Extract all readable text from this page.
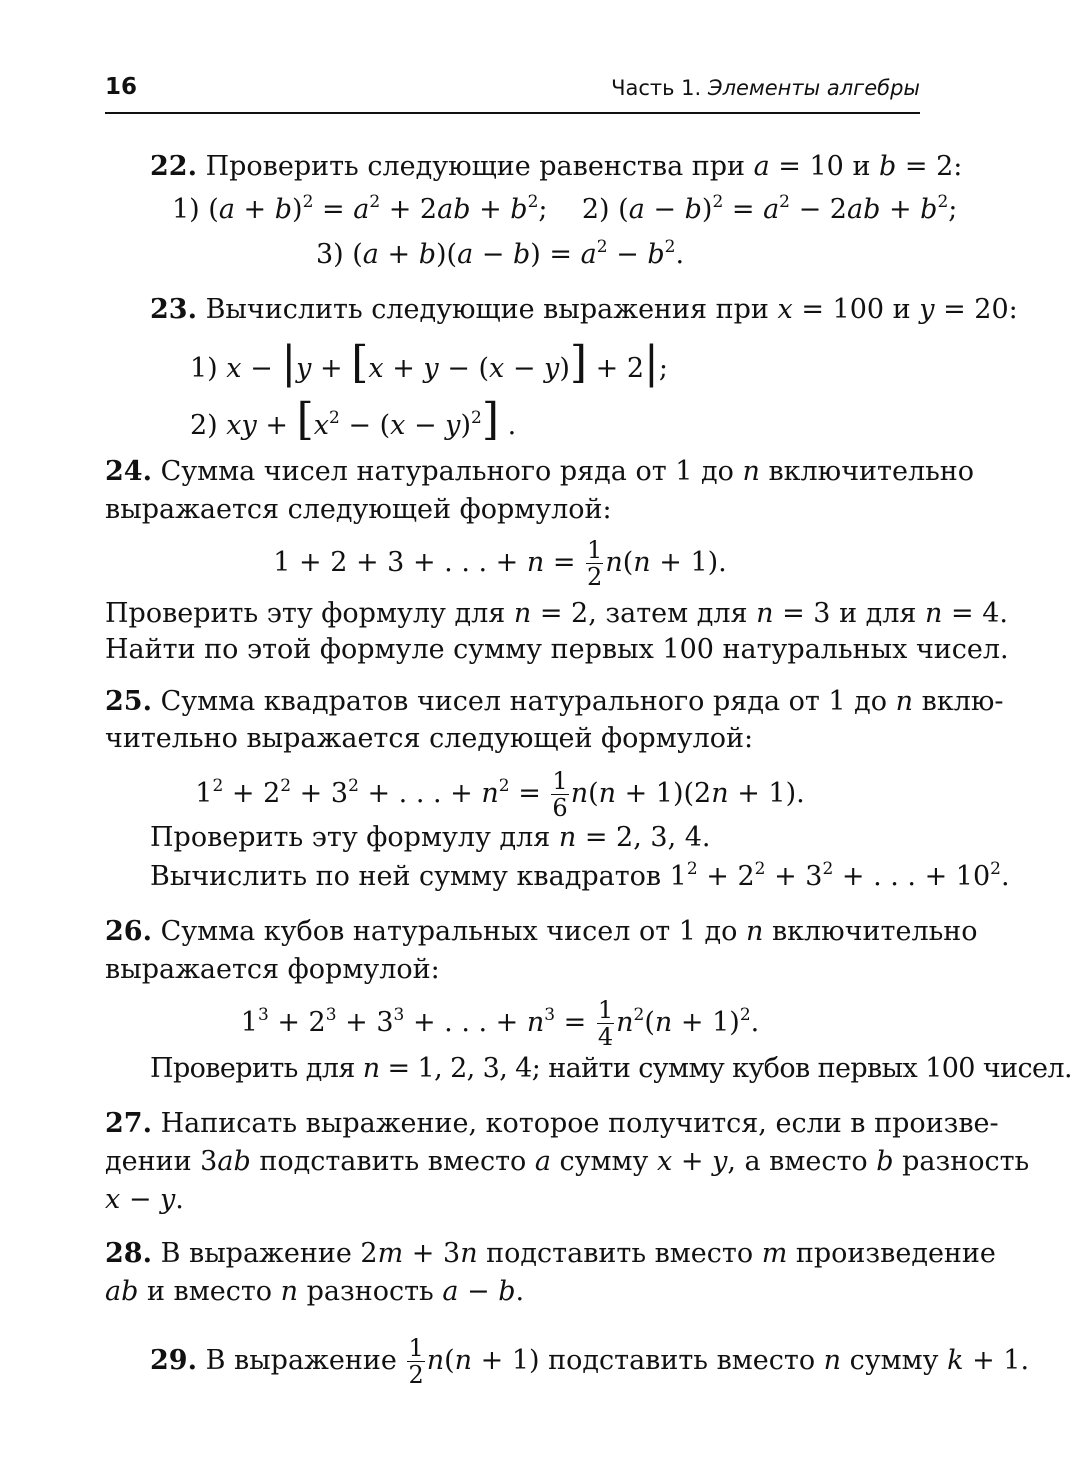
16	Часть 1. Элементы алгебры
22. Проверить следующие равенства при a = 10 и b = 2:
1) $(a + b)^2 = a^2 + 2ab + b^2$;    2) $(a - b)^2 = a^2 - 2ab + b^2$;
3) $(a + b)(a - b) = a^2 - b^2$.
23. Вычислить следующие выражения при x = 100 и y = 20:
1) x − |y + [x + y − (x − y)] + 2|;
2) xy + $[x^2 - (x - y)^2]$ .
24. Сумма чисел натурального ряда от 1 до n включительно
выражается следующей формулой:
1 + 2 + 3 + . . . + $n = \frac{1}{2} n(n + 1)$.
Проверить эту формулу для n = 2, затем для n = 3 и для n = 4.
Найти по этой формуле сумму первых 100 натуральных чисел.
25. Сумма квадратов чисел натурального ряда от 1 до n вклю-
чительно выражается следующей формулой:
$1^2 + 2^2 + 3^2$ + . . . + $n^2 = \frac{1}{6} n(n + 1)(2n + 1)$.
Проверить эту формулу для n = 2, 3, 4.
Вычислить по ней сумму квадратов $1^2 + 2^2 + 3^2$ + . . . + $10^2$.
26. Сумма кубов натуральных чисел от 1 до n включительно
выражается формулой:
$1^3 + 2^3 + 3^3$ + . . . + $n^3 = \frac{1}{4} n^2(n + 1)^2$.
Проверить для n = 1, 2, 3, 4; найти сумму кубов первых 100 чисел.
27. Написать выражение, которое получится, если в произве-
дении 3ab подставить вместо a сумму x + y, а вместо b разность
x − y.
28. В выражение 2m + 3n подставить вместо m произведение
ab и вместо n разность a − b.
29. В выражение $\frac{1}{2} n(n + 1)$ подставить вместо n сумму k + 1.
